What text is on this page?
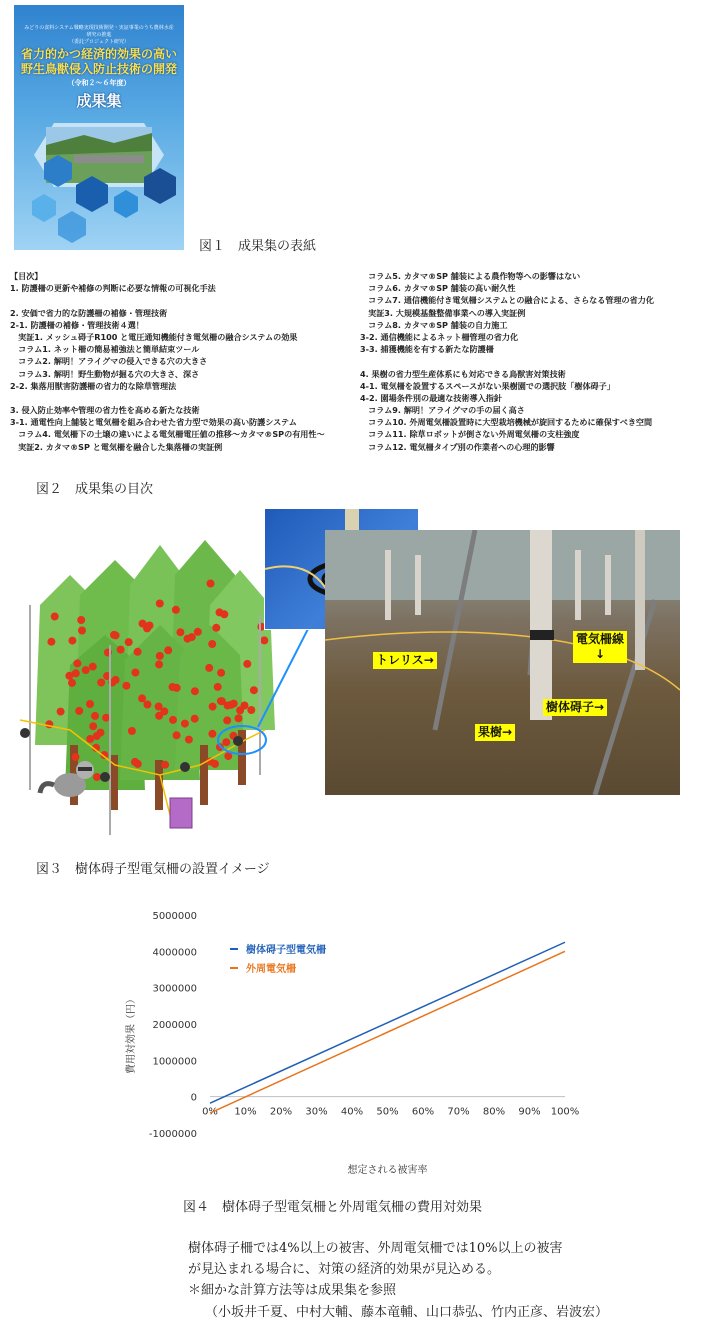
みどりの食料システム戦略実現技術開発・実証事業のうち農林水産研究の推進
（委託プロジェクト研究）
省力的かつ経済的効果の高い
野生鳥獣侵入防止技術の開発
（令和２～６年度）
成果集
図１　成果集の表紙
【目次】
1. 防護柵の更新や補修の判断に必要な情報の可視化手法
2. 安価で省力的な防護柵の補修・管理技術
2-1. 防護柵の補修・管理技術４選！
　実証1. メッシュ碍子R100 と電圧通知機能付き電気柵の融合システムの効果
　コラム1. ネット柵の簡易補強法と簡単結束ツール
　コラム2. 解明！アライグマの侵入できる穴の大きさ
　コラム3. 解明！野生動物が掘る穴の大きさ、深さ
2-2. 集落用獣害防護柵の省力的な除草管理法
3. 侵入防止効率や管理の省力性を高める新たな技術
3-1. 通電性向上舗装と電気柵を組み合わせた省力型で効果の高い防護システム
　コラム4. 電気柵下の土壌の違いによる電気柵電圧値の推移～カタマ®SPの有用性～
　実証2. カタマ®SP と電気柵を融合した集落柵の実証例
　コラム5. カタマ®SP 舗装による農作物等への影響はない
　コラム6. カタマ®SP 舗装の高い耐久性
　コラム7. 通信機能付き電気柵システムとの融合による、さらなる管理の省力化
　実証3. 大規模基盤整備事業への導入実証例
　コラム8. カタマ®SP 舗装の自力施工
3-2. 通信機能によるネット柵管理の省力化
3-3. 捕獲機能を有する新たな防護柵
4. 果樹の省力型生産体系にも対応できる鳥獣害対策技術
4-1. 電気柵を設置するスペースがない果樹園での選択肢「樹体碍子」
4-2. 園場条件別の最適な技術導入指針
　コラム9. 解明！アライグマの手の届く高さ
　コラム10. 外周電気柵設置時に大型栽培機械が旋回するために確保すべき空間
　コラム11. 除草ロボットが倒さない外周電気柵の支柱強度
　コラム12. 電気柵タイプ別の作業者への心理的影響
図２　成果集の目次
トレリス→
電気柵線
↓
樹体碍子→
果樹→
図３　樹体碍子型電気柵の設置イメージ
5000000
4000000
3000000
2000000
1000000
0
-1000000
0% 10% 20% 30% 40% 50% 60% 70% 80% 90% 100%
樹体碍子型電気柵
外周電気柵
想定される被害率
費用対効果（円）
図４　樹体碍子型電気柵と外周電気柵の費用対効果
樹体碍子柵では4%以上の被害、外周電気柵では10%以上の被害
が見込まれる場合に、対策の経済的効果が見込める。
＊細かな計算方法等は成果集を参照
（小坂井千夏、中村大輔、藤本竜輔、山口恭弘、竹内正彦、岩波宏）
